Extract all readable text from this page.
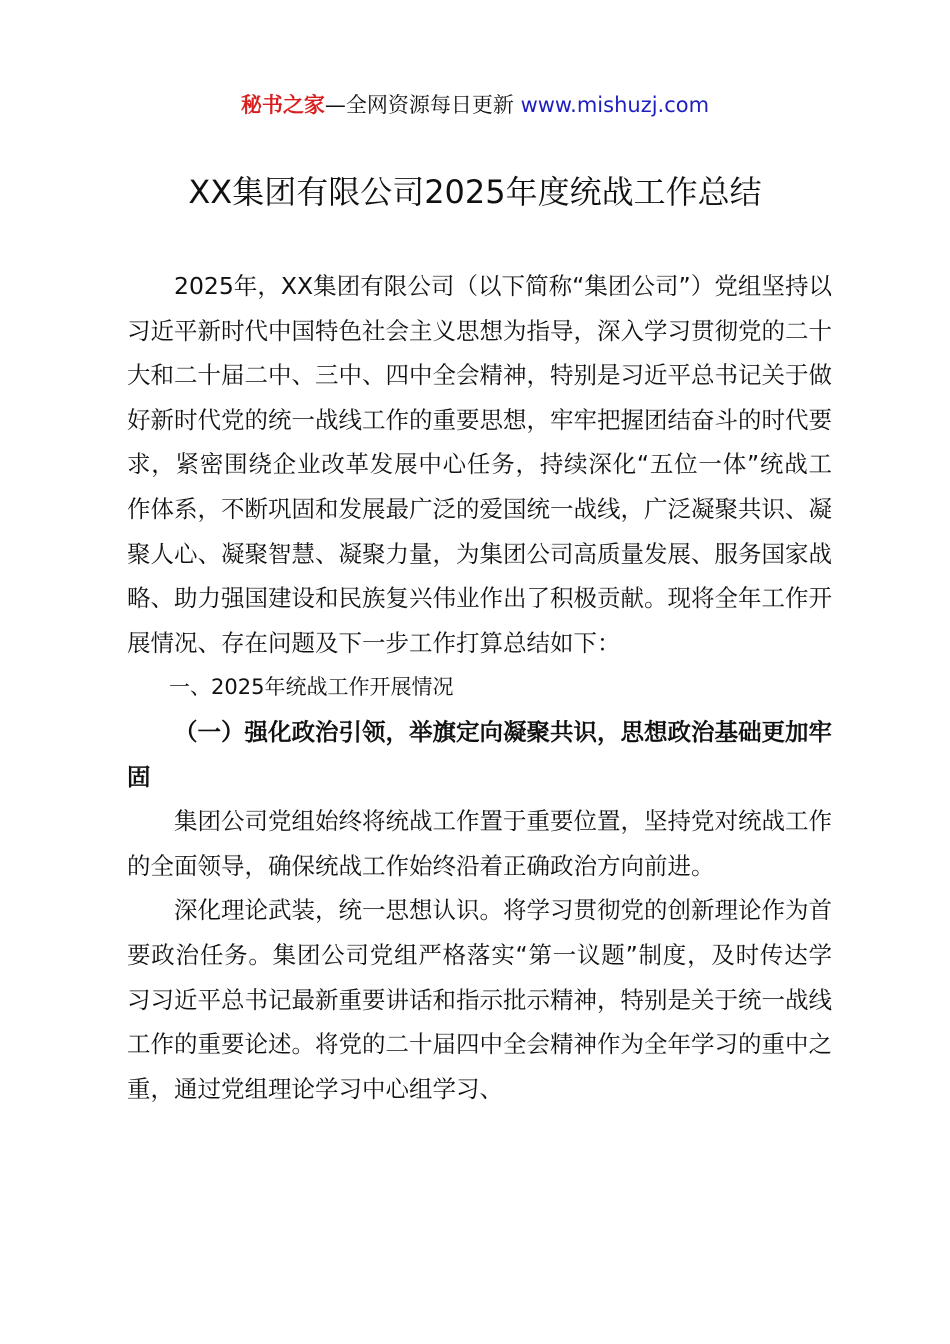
秘书之家—全网资源每日更新 www.mishuzj.com
XX集团有限公司2025年度统战工作总结

2025年，XX集团有限公司（以下简称“集团公司”）党组坚持以习近平新时代中国特色社会主义思想为指导，深入学习贯彻党的二十大和二十届二中、三中、四中全会精神，特别是习近平总书记关于做好新时代党的统一战线工作的重要思想，牢牢把握团结奋斗的时代要求，紧密围绕企业改革发展中心任务，持续深化“五位一体”统战工作体系，不断巩固和发展最广泛的爱国统一战线，广泛凝聚共识、凝聚人心、凝聚智慧、凝聚力量，为集团公司高质量发展、服务国家战略、助力强国建设和民族复兴伟业作出了积极贡献。现将全年工作开展情况、存在问题及下一步工作打算总结如下：

一、2025年统战工作开展情况

（一）强化政治引领，举旗定向凝聚共识，思想政治基础更加牢固

集团公司党组始终将统战工作置于重要位置，坚持党对统战工作的全面领导，确保统战工作始终沿着正确政治方向前进。

深化理论武装，统一思想认识。将学习贯彻党的创新理论作为首要政治任务。集团公司党组严格落实“第一议题”制度，及时传达学习习近平总书记最新重要讲话和指示批示精神，特别是关于统一战线工作的重要论述。将党的二十届四中全会精神作为全年学习的重中之重，通过党组理论学习中心组学习、
